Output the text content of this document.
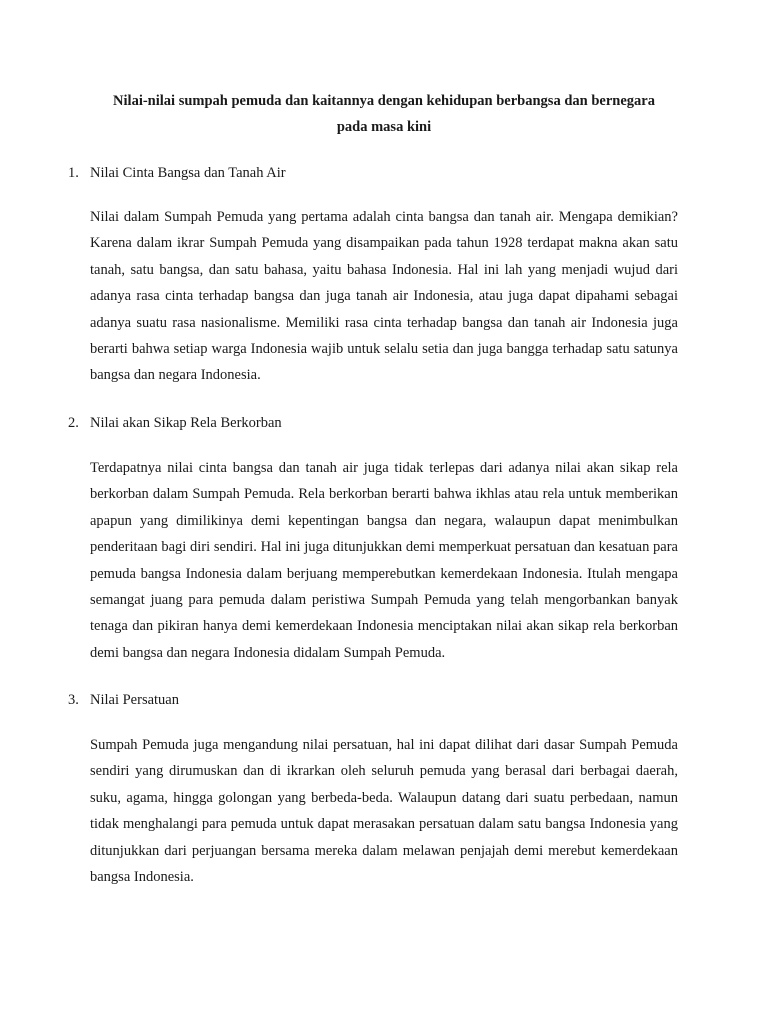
Nilai-nilai sumpah pemuda dan kaitannya dengan kehidupan berbangsa dan bernegara
pada masa kini
1. Nilai Cinta Bangsa dan Tanah Air

Nilai dalam Sumpah Pemuda yang pertama adalah cinta bangsa dan tanah air. Mengapa demikian? Karena dalam ikrar Sumpah Pemuda yang disampaikan pada tahun 1928 terdapat makna akan satu tanah, satu bangsa, dan satu bahasa, yaitu bahasa Indonesia. Hal ini lah yang menjadi wujud dari adanya rasa cinta terhadap bangsa dan juga tanah air Indonesia, atau juga dapat dipahami sebagai adanya suatu rasa nasionalisme. Memiliki rasa cinta terhadap bangsa dan tanah air Indonesia juga berarti bahwa setiap warga Indonesia wajib untuk selalu setia dan juga bangga terhadap satu satunya bangsa dan negara Indonesia.

2. Nilai akan Sikap Rela Berkorban

Terdapatnya nilai cinta bangsa dan tanah air juga tidak terlepas dari adanya nilai akan sikap rela berkorban dalam Sumpah Pemuda. Rela berkorban berarti bahwa ikhlas atau rela untuk memberikan apapun yang dimilikinya demi kepentingan bangsa dan negara, walaupun dapat menimbulkan penderitaan bagi diri sendiri. Hal ini juga ditunjukkan demi memperkuat persatuan dan kesatuan para pemuda bangsa Indonesia dalam berjuang memperebutkan kemerdekaan Indonesia. Itulah mengapa semangat juang para pemuda dalam peristiwa Sumpah Pemuda yang telah mengorbankan banyak tenaga dan pikiran hanya demi kemerdekaan Indonesia menciptakan nilai akan sikap rela berkorban demi bangsa dan negara Indonesia didalam Sumpah Pemuda.

3. Nilai Persatuan

Sumpah Pemuda juga mengandung nilai persatuan, hal ini dapat dilihat dari dasar Sumpah Pemuda sendiri yang dirumuskan dan di ikrarkan oleh seluruh pemuda yang berasal dari berbagai daerah, suku, agama, hingga golongan yang berbeda-beda. Walaupun datang dari suatu perbedaan, namun tidak menghalangi para pemuda untuk dapat merasakan persatuan dalam satu bangsa Indonesia yang ditunjukkan dari perjuangan bersama mereka dalam melawan penjajah demi merebut kemerdekaan bangsa Indonesia.
